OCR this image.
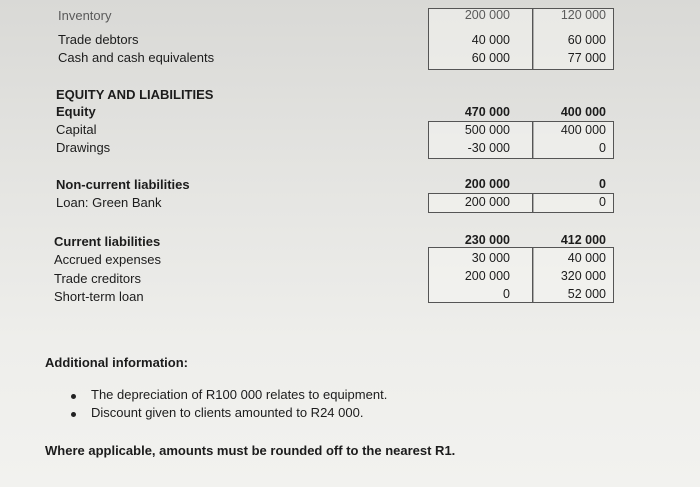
Inventory	200 000	120 000
Trade debtors	40 000	60 000
Cash and cash equivalents	60 000	77 000
EQUITY AND LIABILITIES
Equity	470 000	400 000
Capital	500 000	400 000
Drawings	-30 000	0
Non-current liabilities	200 000	0
Loan: Green Bank	200 000	0
Current liabilities	230 000	412 000
Accrued expenses	30 000	40 000
Trade creditors	200 000	320 000
Short-term loan	0	52 000
Additional information:
The depreciation of R100 000 relates to equipment.
Discount given to clients amounted to R24 000.
Where applicable, amounts must be rounded off to the nearest R1.
